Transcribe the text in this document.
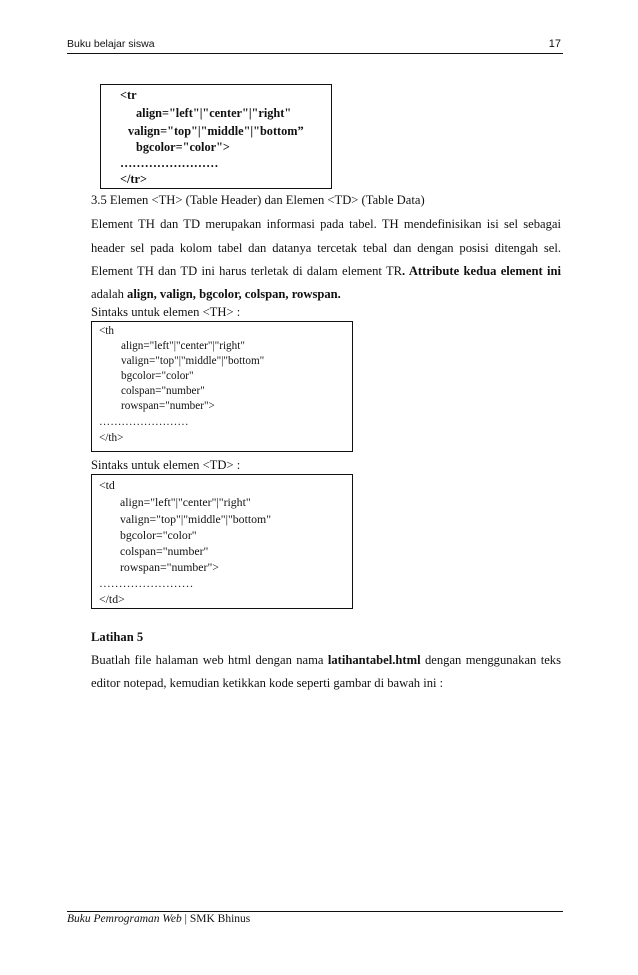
Buku belajar siswa	17
<tr
align="left"|"center"|"right"
valign="top"|"middle"|"bottom”
bgcolor="color">
……………………
</tr>
3.5 Elemen <TH> (Table Header) dan Elemen <TD> (Table Data)
Element TH dan TD merupakan informasi pada tabel. TH mendefinisikan isi sel sebagai
header sel pada kolom tabel dan datanya tercetak tebal dan dengan posisi ditengah sel.
Element TH dan TD ini harus terletak di dalam element TR. Attribute kedua element ini
adalah align, valign, bgcolor, colspan, rowspan.
Sintaks untuk elemen <TH> :
<th
align="left"|"center"|"right"
valign="top"|"middle"|"bottom"
bgcolor="color"
colspan="number"
rowspan="number">
……………………
</th>
Sintaks untuk elemen <TD> :
<td
align="left"|"center"|"right"
valign="top"|"middle"|"bottom"
bgcolor="color"
colspan="number"
rowspan="number">
……………………
</td>
Latihan 5
Buatlah file halaman web html dengan nama latihantabel.html dengan menggunakan teks
editor notepad, kemudian ketikkan kode seperti gambar di bawah ini :
Buku Pemrograman Web | SMK Bhinus
